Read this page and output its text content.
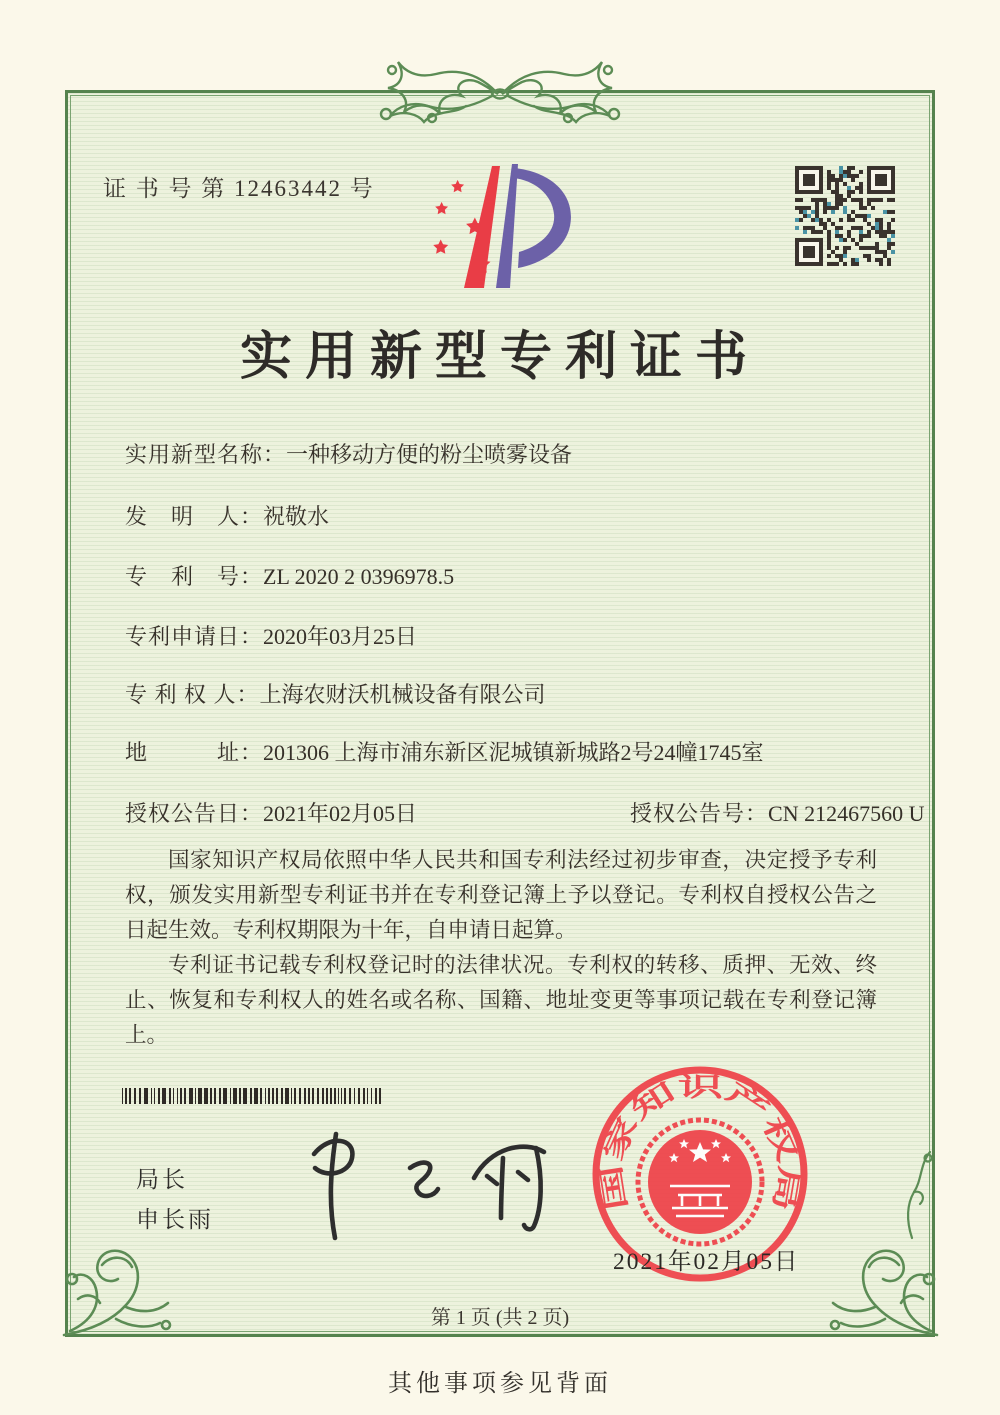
证 书 号 第 12463442 号
实用新型专利证书
实用新型名称：一种移动方便的粉尘喷雾设备
发　明　人：祝敬水
专　利　号：ZL 2020 2 0396978.5
专利申请日：2020年03月25日
专 利 权 人：上海农财沃机械设备有限公司
地　　　址：201306 上海市浦东新区泥城镇新城路2号24幢1745室
授权公告日：2021年02月05日	授权公告号：CN 212467560 U

国家知识产权局依照中华人民共和国专利法经过初步审查，决定授予专利权，颁发实用新型专利证书并在专利登记簿上予以登记。专利权自授权公告之日起生效。专利权期限为十年，自申请日起算。

专利证书记载专利权登记时的法律状况。专利权的转移、质押、无效、终止、恢复和专利权人的姓名或名称、国籍、地址变更等事项记载在专利登记簿上。

局长
申长雨
国家知识产权局
2021年02月05日
第 1 页 (共 2 页)
其他事项参见背面
